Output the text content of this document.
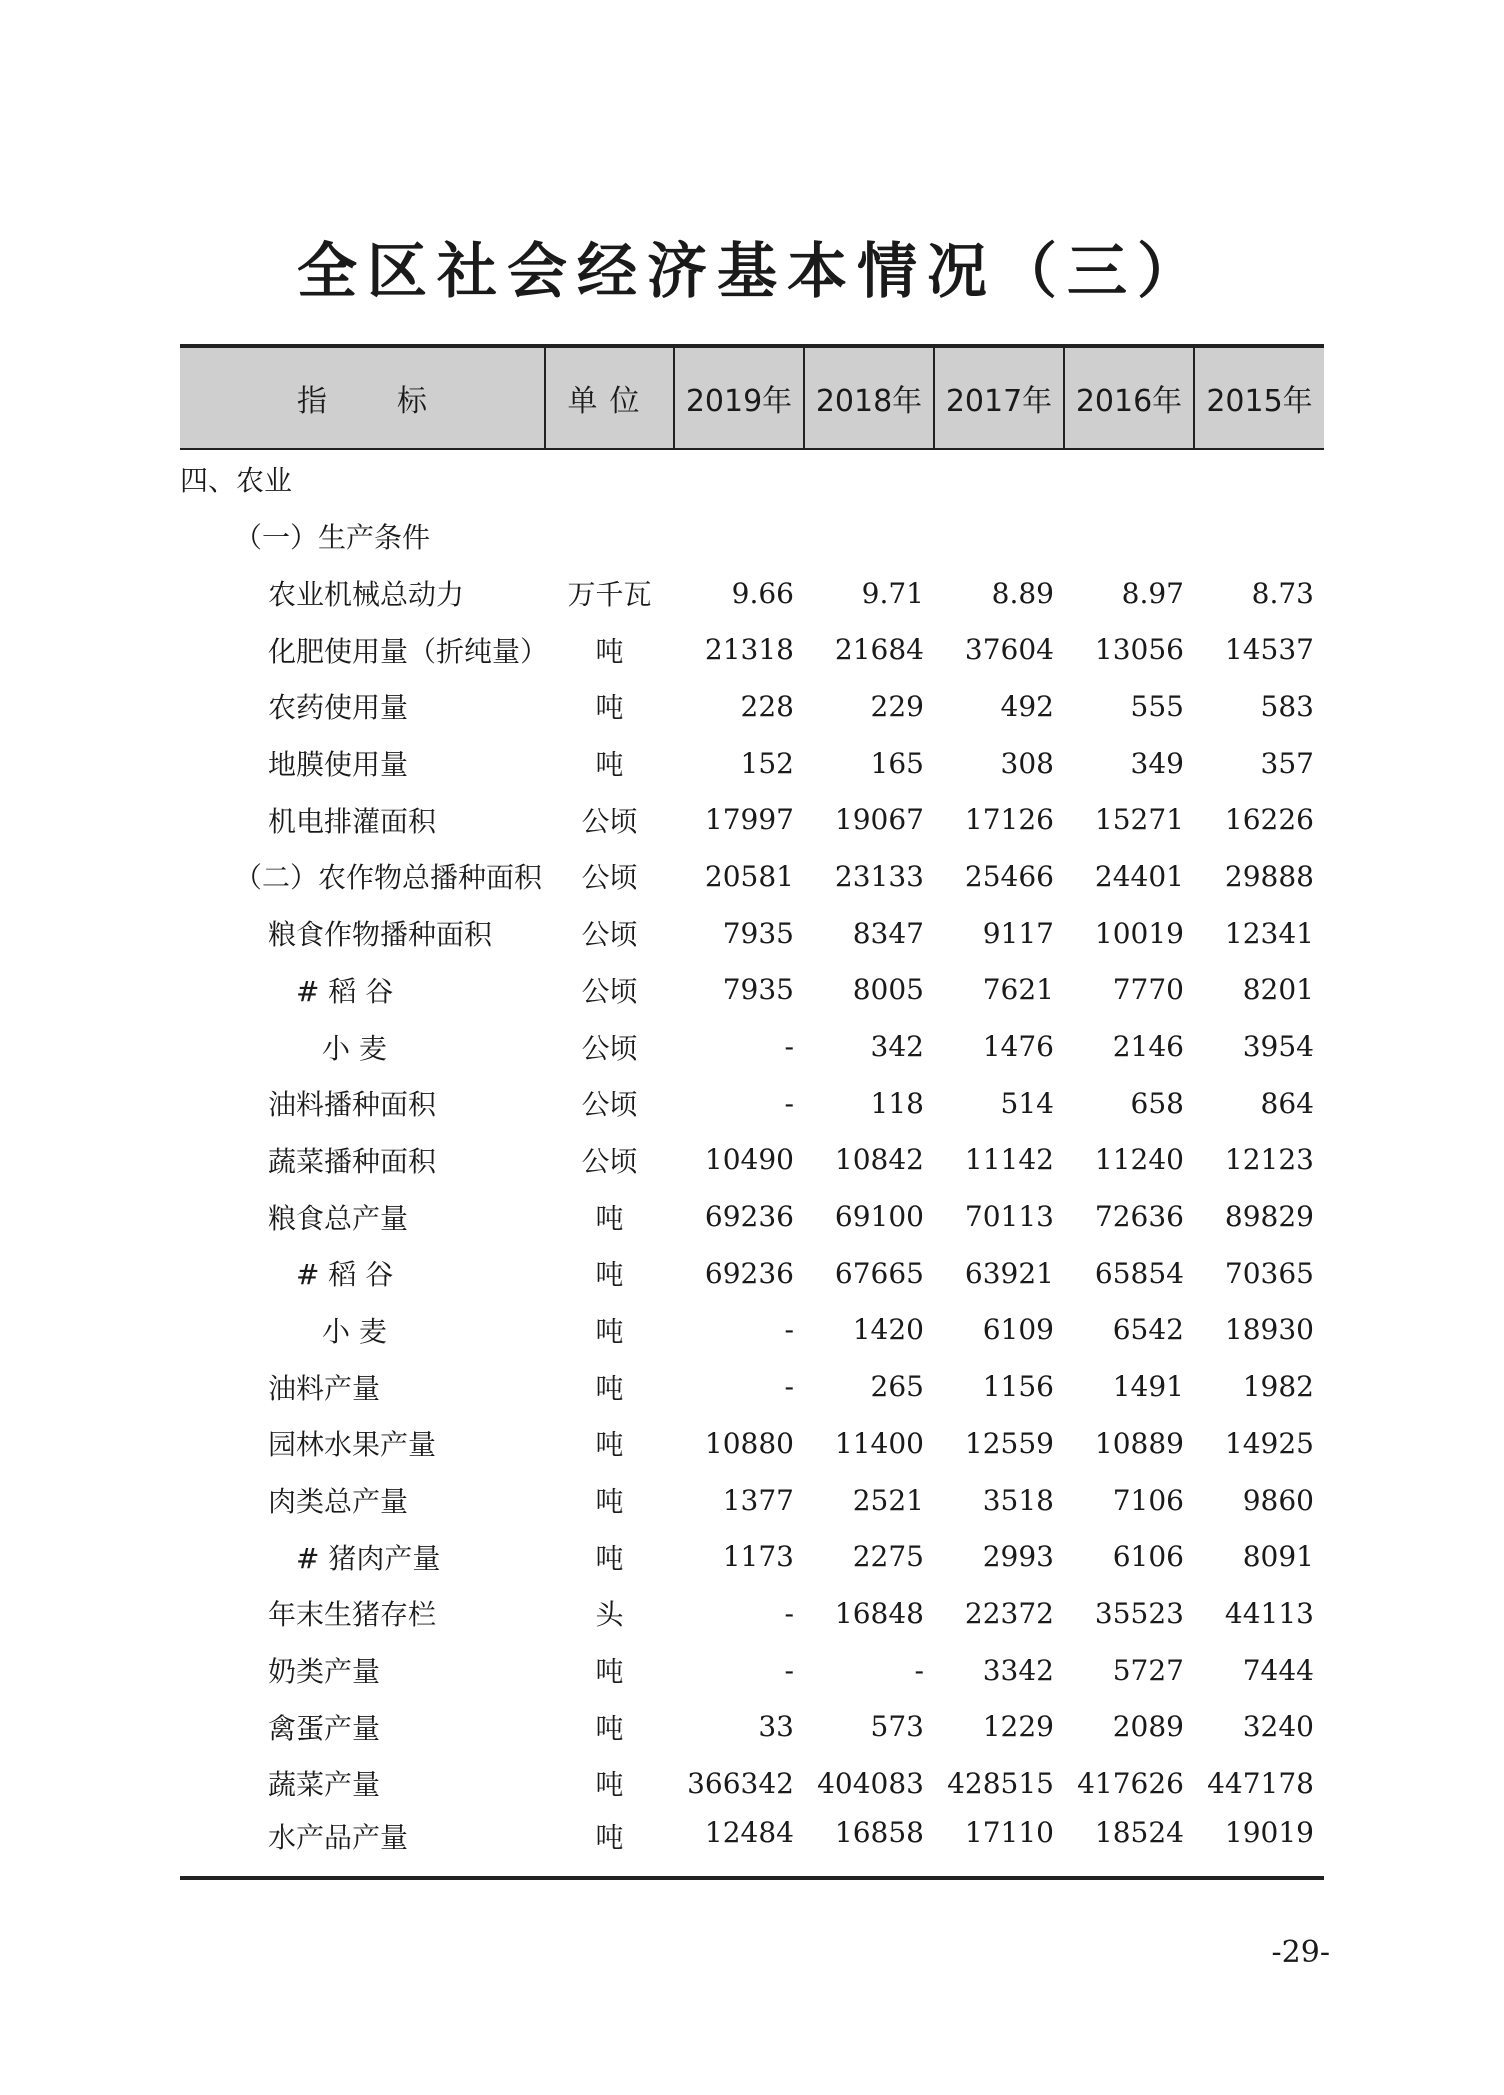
全区社会经济基本情况（三）
指标	单位	2019年	2018年	2017年	2016年	2015年
四、农业						
（一）生产条件						
农业机械总动力	万千瓦	9.66	9.71	8.89	8.97	8.73
化肥使用量（折纯量）	吨	21318	21684	37604	13056	14537
农药使用量	吨	228	229	492	555	583
地膜使用量	吨	152	165	308	349	357
机电排灌面积	公顷	17997	19067	17126	15271	16226
（二）农作物总播种面积	公顷	20581	23133	25466	24401	29888
粮食作物播种面积	公顷	7935	8347	9117	10019	12341
# 稻 谷	公顷	7935	8005	7621	7770	8201
小 麦	公顷	-	342	1476	2146	3954
油料播种面积	公顷	-	118	514	658	864
蔬菜播种面积	公顷	10490	10842	11142	11240	12123
粮食总产量	吨	69236	69100	70113	72636	89829
# 稻 谷	吨	69236	67665	63921	65854	70365
小 麦	吨	-	1420	6109	6542	18930
油料产量	吨	-	265	1156	1491	1982
园林水果产量	吨	10880	11400	12559	10889	14925
肉类总产量	吨	1377	2521	3518	7106	9860
# 猪肉产量	吨	1173	2275	2993	6106	8091
年末生猪存栏	头	-	16848	22372	35523	44113
奶类产量	吨	-	-	3342	5727	7444
禽蛋产量	吨	33	573	1229	2089	3240
蔬菜产量	吨	366342	404083	428515	417626	447178
水产品产量	吨	12484	16858	17110	18524	19019
-29-
